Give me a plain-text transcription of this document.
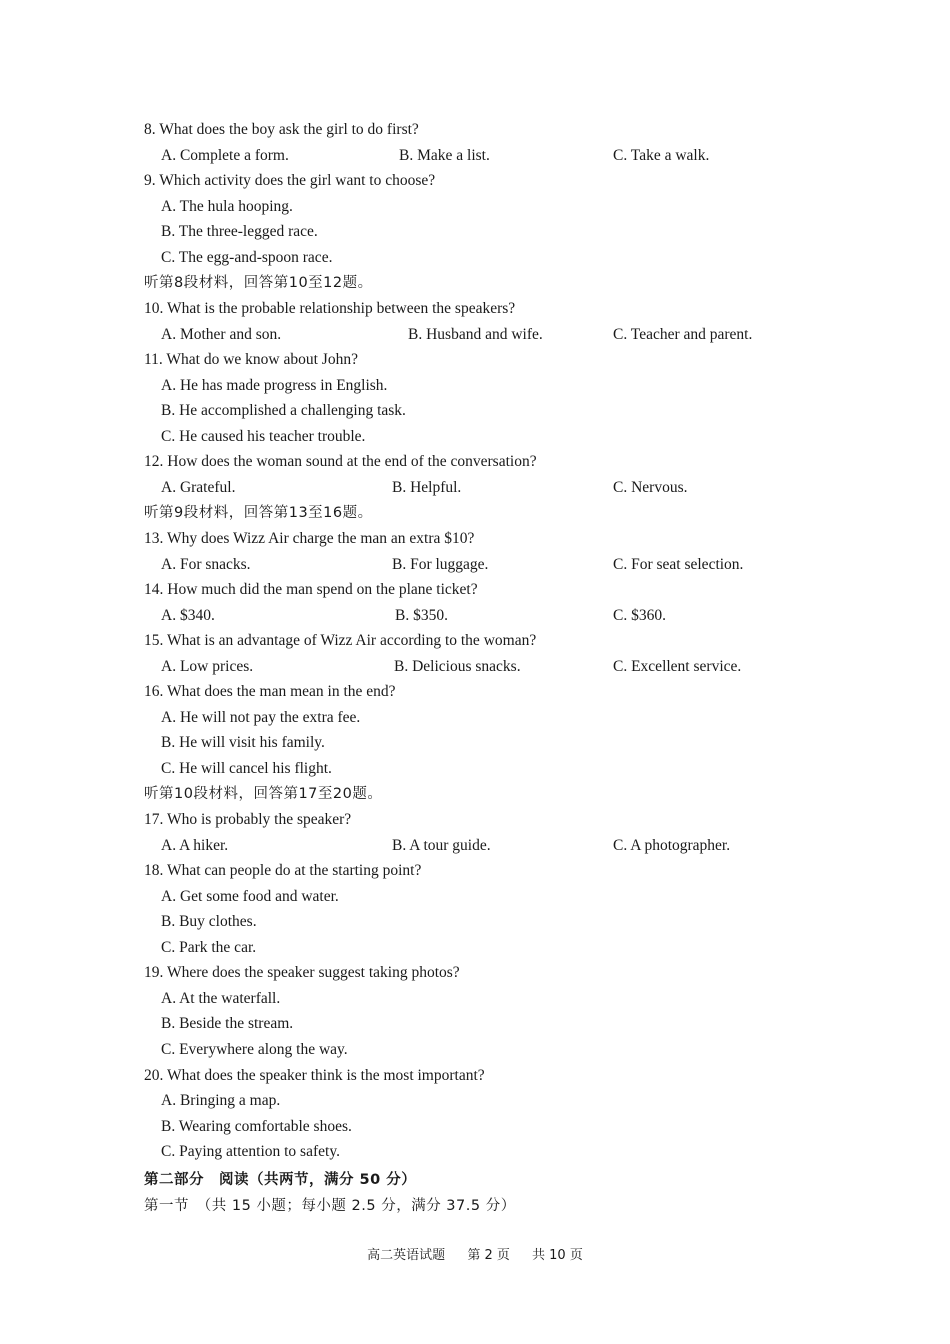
8. What does the boy ask the girl to do first?
A. Complete a form.	B. Make a list.	C. Take a walk.
9. Which activity does the girl want to choose?
A. The hula hooping.
B. The three-legged race.
C. The egg-and-spoon race.
听第8段材料，回答第10至12题。
10. What is the probable relationship between the speakers?
A. Mother and son.	B. Husband and wife.	C. Teacher and parent.
11. What do we know about John?
A. He has made progress in English.
B. He accomplished a challenging task.
C. He caused his teacher trouble.
12. How does the woman sound at the end of the conversation?
A. Grateful.	B. Helpful.	C. Nervous.
听第9段材料，回答第13至16题。
13. Why does Wizz Air charge the man an extra $10?
A. For snacks.	B. For luggage.	C. For seat selection.
14. How much did the man spend on the plane ticket?
A. $340.	B. $350.	C. $360.
15. What is an advantage of Wizz Air according to the woman?
A. Low prices.	B. Delicious snacks.	C. Excellent service.
16. What does the man mean in the end?
A. He will not pay the extra fee.
B. He will visit his family.
C. He will cancel his flight.
听第10段材料，回答第17至20题。
17. Who is probably the speaker?
A. A hiker.	B. A tour guide.	C. A photographer.
18. What can people do at the starting point?
A. Get some food and water.
B. Buy clothes.
C. Park the car.
19. Where does the speaker suggest taking photos?
A. At the waterfall.
B. Beside the stream.
C. Everywhere along the way.
20. What does the speaker think is the most important?
A. Bringing a map.
B. Wearing comfortable shoes.
C. Paying attention to safety.
第二部分　阅读（共两节，满分 50 分）
第一节　（共 15 小题；每小题 2.5 分，满分 37.5 分）
高二英语试题 第 2 页 共 10 页
